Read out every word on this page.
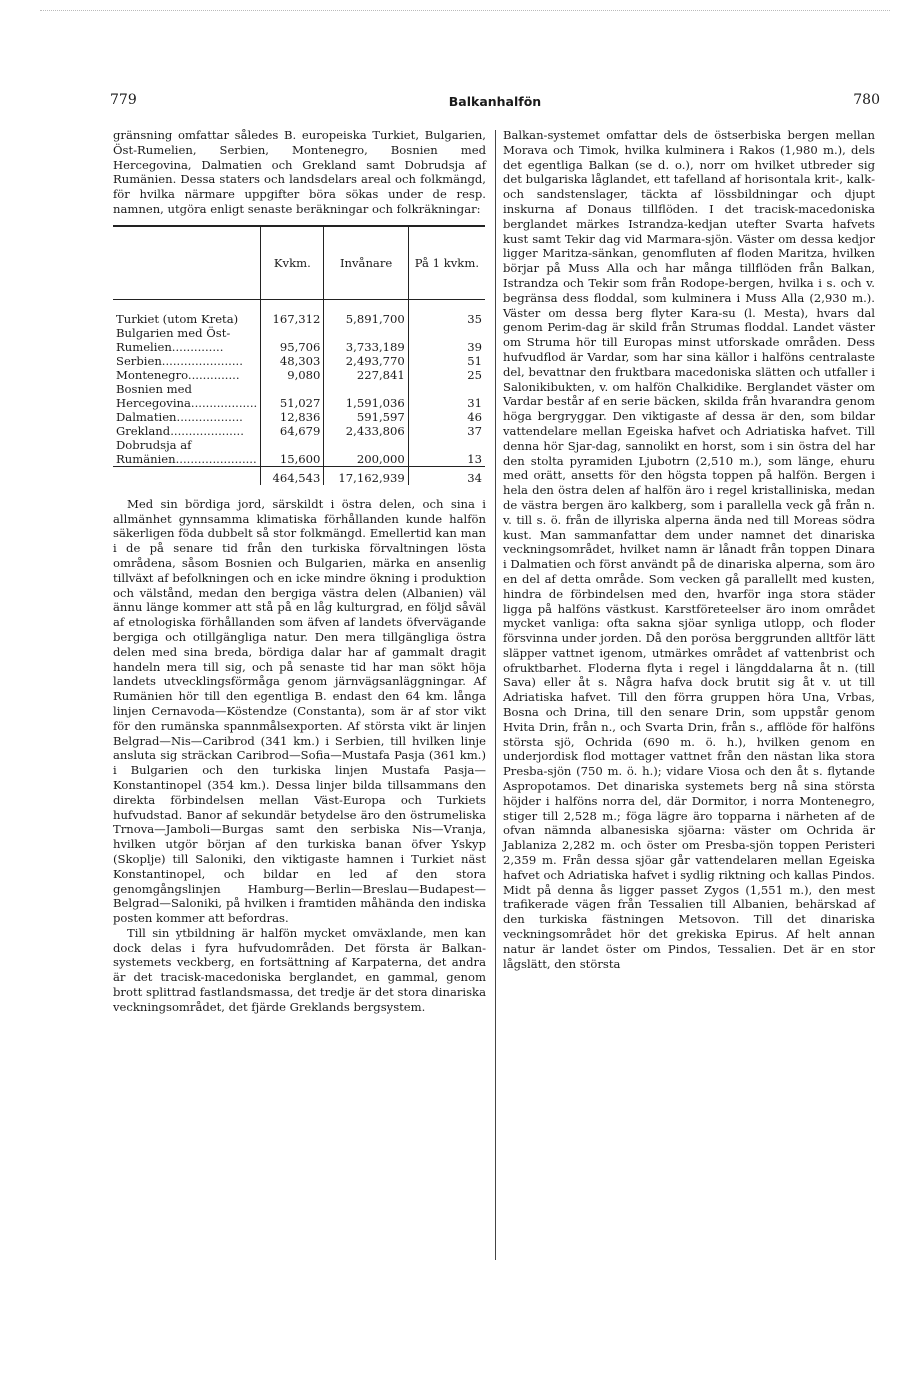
779	Balkanhalfön	780

gränsning omfattar således B. europeiska Turkiet, Bulgarien, Öst-Rumelien, Serbien, Montenegro, Bosnien med Hercegovina, Dalmatien och Grekland samt Dobrudsja af Rumänien. Dessa staters och landsdelars areal och folkmängd, för hvilka närmare uppgifter böra sökas under de resp. namnen, utgöra enligt senaste beräkningar och folkräkningar:

	Kvkm.	Invånare	På 1 kvkm.
Turkiet (utom Kreta)	167,312	5,891,700	35
Bulgarien med Öst-Rumelien..............	95,706	3,733,189	39
Serbien......................	48,303	2,493,770	51
Montenegro..............	9,080	227,841	25
Bosnien med Hercegovina..................	51,027	1,591,036	31
Dalmatien..................	12,836	591,597	46
Grekland....................	64,679	2,433,806	37
Dobrudsja af Rumänien......................	15,600	200,000	13
	464,543	17,162,939	34

Med sin bördiga jord, särskildt i östra delen, och sina i allmänhet gynnsamma klimatiska förhållanden kunde halfön säkerligen föda dubbelt så stor folkmängd. Emellertid kan man i de på senare tid från den turkiska förvaltningen lösta områdena, såsom Bosnien och Bulgarien, märka en ansenlig tillväxt af befolkningen och en icke mindre ökning i produktion och välstånd, medan den bergiga västra delen (Albanien) väl ännu länge kommer att stå på en låg kulturgrad, en följd såväl af etnologiska förhållanden som äfven af landets öfvervägande bergiga och otillgängliga natur. Den mera tillgängliga östra delen med sina breda, bördiga dalar har af gammalt dragit handeln mera till sig, och på senaste tid har man sökt höja landets utvecklingsförmåga genom järnvägsanläggningar. Af Rumänien hör till den egentliga B. endast den 64 km. långa linjen Cernavoda—Köstendze (Constanta), som är af stor vikt för den rumänska spannmålsexporten. Af största vikt är linjen Belgrad—Nis—Caribrod (341 km.) i Serbien, till hvilken linje ansluta sig sträckan Caribrod—Sofia—Mustafa Pasja (361 km.) i Bulgarien och den turkiska linjen Mustafa Pasja—Konstantinopel (354 km.). Dessa linjer bilda tillsammans den direkta förbindelsen mellan Väst-Europa och Turkiets hufvudstad. Banor af sekundär betydelse äro den östrumeliska Trnova—Jamboli—Burgas samt den serbiska Nis—Vranja, hvilken utgör början af den turkiska banan öfver Yskyp (Skoplje) till Saloniki, den viktigaste hamnen i Turkiet näst Konstantinopel, och bildar en led af den stora genomgångslinjen Hamburg—Berlin—Breslau—Budapest—Belgrad—Saloniki, på hvilken i framtiden måhända den indiska posten kommer att befordras.

Till sin ytbildning är halfön mycket omväxlande, men kan dock delas i fyra hufvudområden. Det första är Balkan-systemets veckberg, en fortsättning af Karpaterna, det andra är det tracisk-macedoniska berglandet, en gammal, genom brott splittrad fastlandsmassa, det tredje är det stora dinariska veckningsområdet, det fjärde Greklands bergsystem.

Balkan-systemet omfattar dels de östserbiska bergen mellan Morava och Timok, hvilka kulminera i Rakos (1,980 m.), dels det egentliga Balkan (se d. o.), norr om hvilket utbreder sig det bulgariska låglandet, ett tafelland af horisontala krit-, kalk- och sandstenslager, täckta af lössbildningar och djupt inskurna af Donaus tillflöden. I det tracisk-macedoniska berglandet märkes Istrandza-kedjan utefter Svarta hafvets kust samt Tekir dag vid Marmara-sjön. Väster om dessa kedjor ligger Maritza-sänkan, genomfluten af floden Maritza, hvilken börjar på Muss Alla och har många tillflöden från Balkan, Istrandza och Tekir som från Rodope-bergen, hvilka i s. och v. begränsa dess floddal, som kulminera i Muss Alla (2,930 m.). Väster om dessa berg flyter Kara-su (l. Mesta), hvars dal genom Perim-dag är skild från Strumas floddal. Landet väster om Struma hör till Europas minst utforskade områden. Dess hufvudflod är Vardar, som har sina källor i halföns centralaste del, bevattnar den fruktbara macedoniska slätten och utfaller i Salonikibukten, v. om halfön Chalkidike. Berglandet väster om Vardar består af en serie bäcken, skilda från hvarandra genom höga bergryggar. Den viktigaste af dessa är den, som bildar vattendelare mellan Egeiska hafvet och Adriatiska hafvet. Till denna hör Sjar-dag, sannolikt en horst, som i sin östra del har den stolta pyramiden Ljubotrn (2,510 m.), som länge, ehuru med orätt, ansetts för den högsta toppen på halfön. Bergen i hela den östra delen af halfön äro i regel kristalliniska, medan de västra bergen äro kalkberg, som i parallella veck gå från n. v. till s. ö. från de illyriska alperna ända ned till Moreas södra kust. Man sammanfattar dem under namnet det dinariska veckningsområdet, hvilket namn är lånadt från toppen Dinara i Dalmatien och först användt på de dinariska alperna, som äro en del af detta område. Som vecken gå parallellt med kusten, hindra de förbindelsen med den, hvarför inga stora städer ligga på halföns västkust. Karstföreteelser äro inom området mycket vanliga: ofta sakna sjöar synliga utlopp, och floder försvinna under jorden. Då den porösa berggrunden alltför lätt släpper vattnet igenom, utmärkes området af vattenbrist och ofruktbarhet. Floderna flyta i regel i längddalarna åt n. (till Sava) eller åt s. Några hafva dock brutit sig åt v. ut till Adriatiska hafvet. Till den förra gruppen höra Una, Vrbas, Bosna och Drina, till den senare Drin, som uppstår genom Hvita Drin, från n., och Svarta Drin, från s., afflöde för halföns största sjö, Ochrida (690 m. ö. h.), hvilken genom en underjordisk flod mottager vattnet från den nästan lika stora Presba-sjön (750 m. ö. h.); vidare Viosa och den åt s. flytande Aspropotamos. Det dinariska systemets berg nå sina största höjder i halföns norra del, där Dormitor, i norra Montenegro, stiger till 2,528 m.; föga lägre äro topparna i närheten af de ofvan nämnda albanesiska sjöarna: väster om Ochrida är Jablaniza 2,282 m. och öster om Presba-sjön toppen Peristeri 2,359 m. Från dessa sjöar går vattendelaren mellan Egeiska hafvet och Adriatiska hafvet i sydlig riktning och kallas Pindos. Midt på denna ås ligger passet Zygos (1,551 m.), den mest trafikerade vägen från Tessalien till Albanien, behärskad af den turkiska fästningen Metsovon. Till det dinariska veckningsområdet hör det grekiska Epirus. Af helt annan natur är landet öster om Pindos, Tessalien. Det är en stor lågslätt, den största
